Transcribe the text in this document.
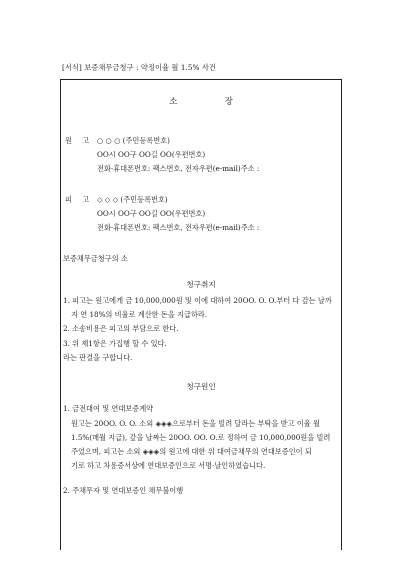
[서식] 보증채무금청구 : 약정이율 월 1.5% 사건
소	장
원 고 ○ ○ ○ (주민등록번호)
OO시 OO구 OO길 OO(우편번호)
전화·휴대폰번호: 팩스번호, 전자우편(e-mail)주소 :
피 고 ◇ ◇ ◇ (주민등록번호)
OO시 OO구 OO길 OO(우편번호)
전화·휴대폰번호: 팩스번호, 전자우편(e-mail)주소 :
보증채무금청구의 소
청구취지
1. 피고는 원고에게 금 10,000,000원 및 이에 대하여 20OO. O. O.부터 다 갚는 날까
지 연 18%의 비율로 계산한 돈을 지급하라.
2. 소송비용은 피고의 부담으로 한다.
3. 위 제1항은 가집행 할 수 있다.
라는 판결을 구합니다.
청구원인
1. 금전대여 및 연대보증계약
원고는 20OO. O. O. 소외 ◈◈◈으로부터 돈을 빌려 달라는 부탁을 받고 이율 월
1.5%(매월 지급), 갚을 날짜는 20OO. OO. O.로 정하여 금 10,000,000원을 빌려
주었으며, 피고는 소외 ◈◈◈의 원고에 대한 위 대여금채무의 연대보증인이 되
기로 하고 차용증서상에 연대보증인으로 서명·날인하였습니다.
2. 주채무자 및 연대보증인 채무불이행
